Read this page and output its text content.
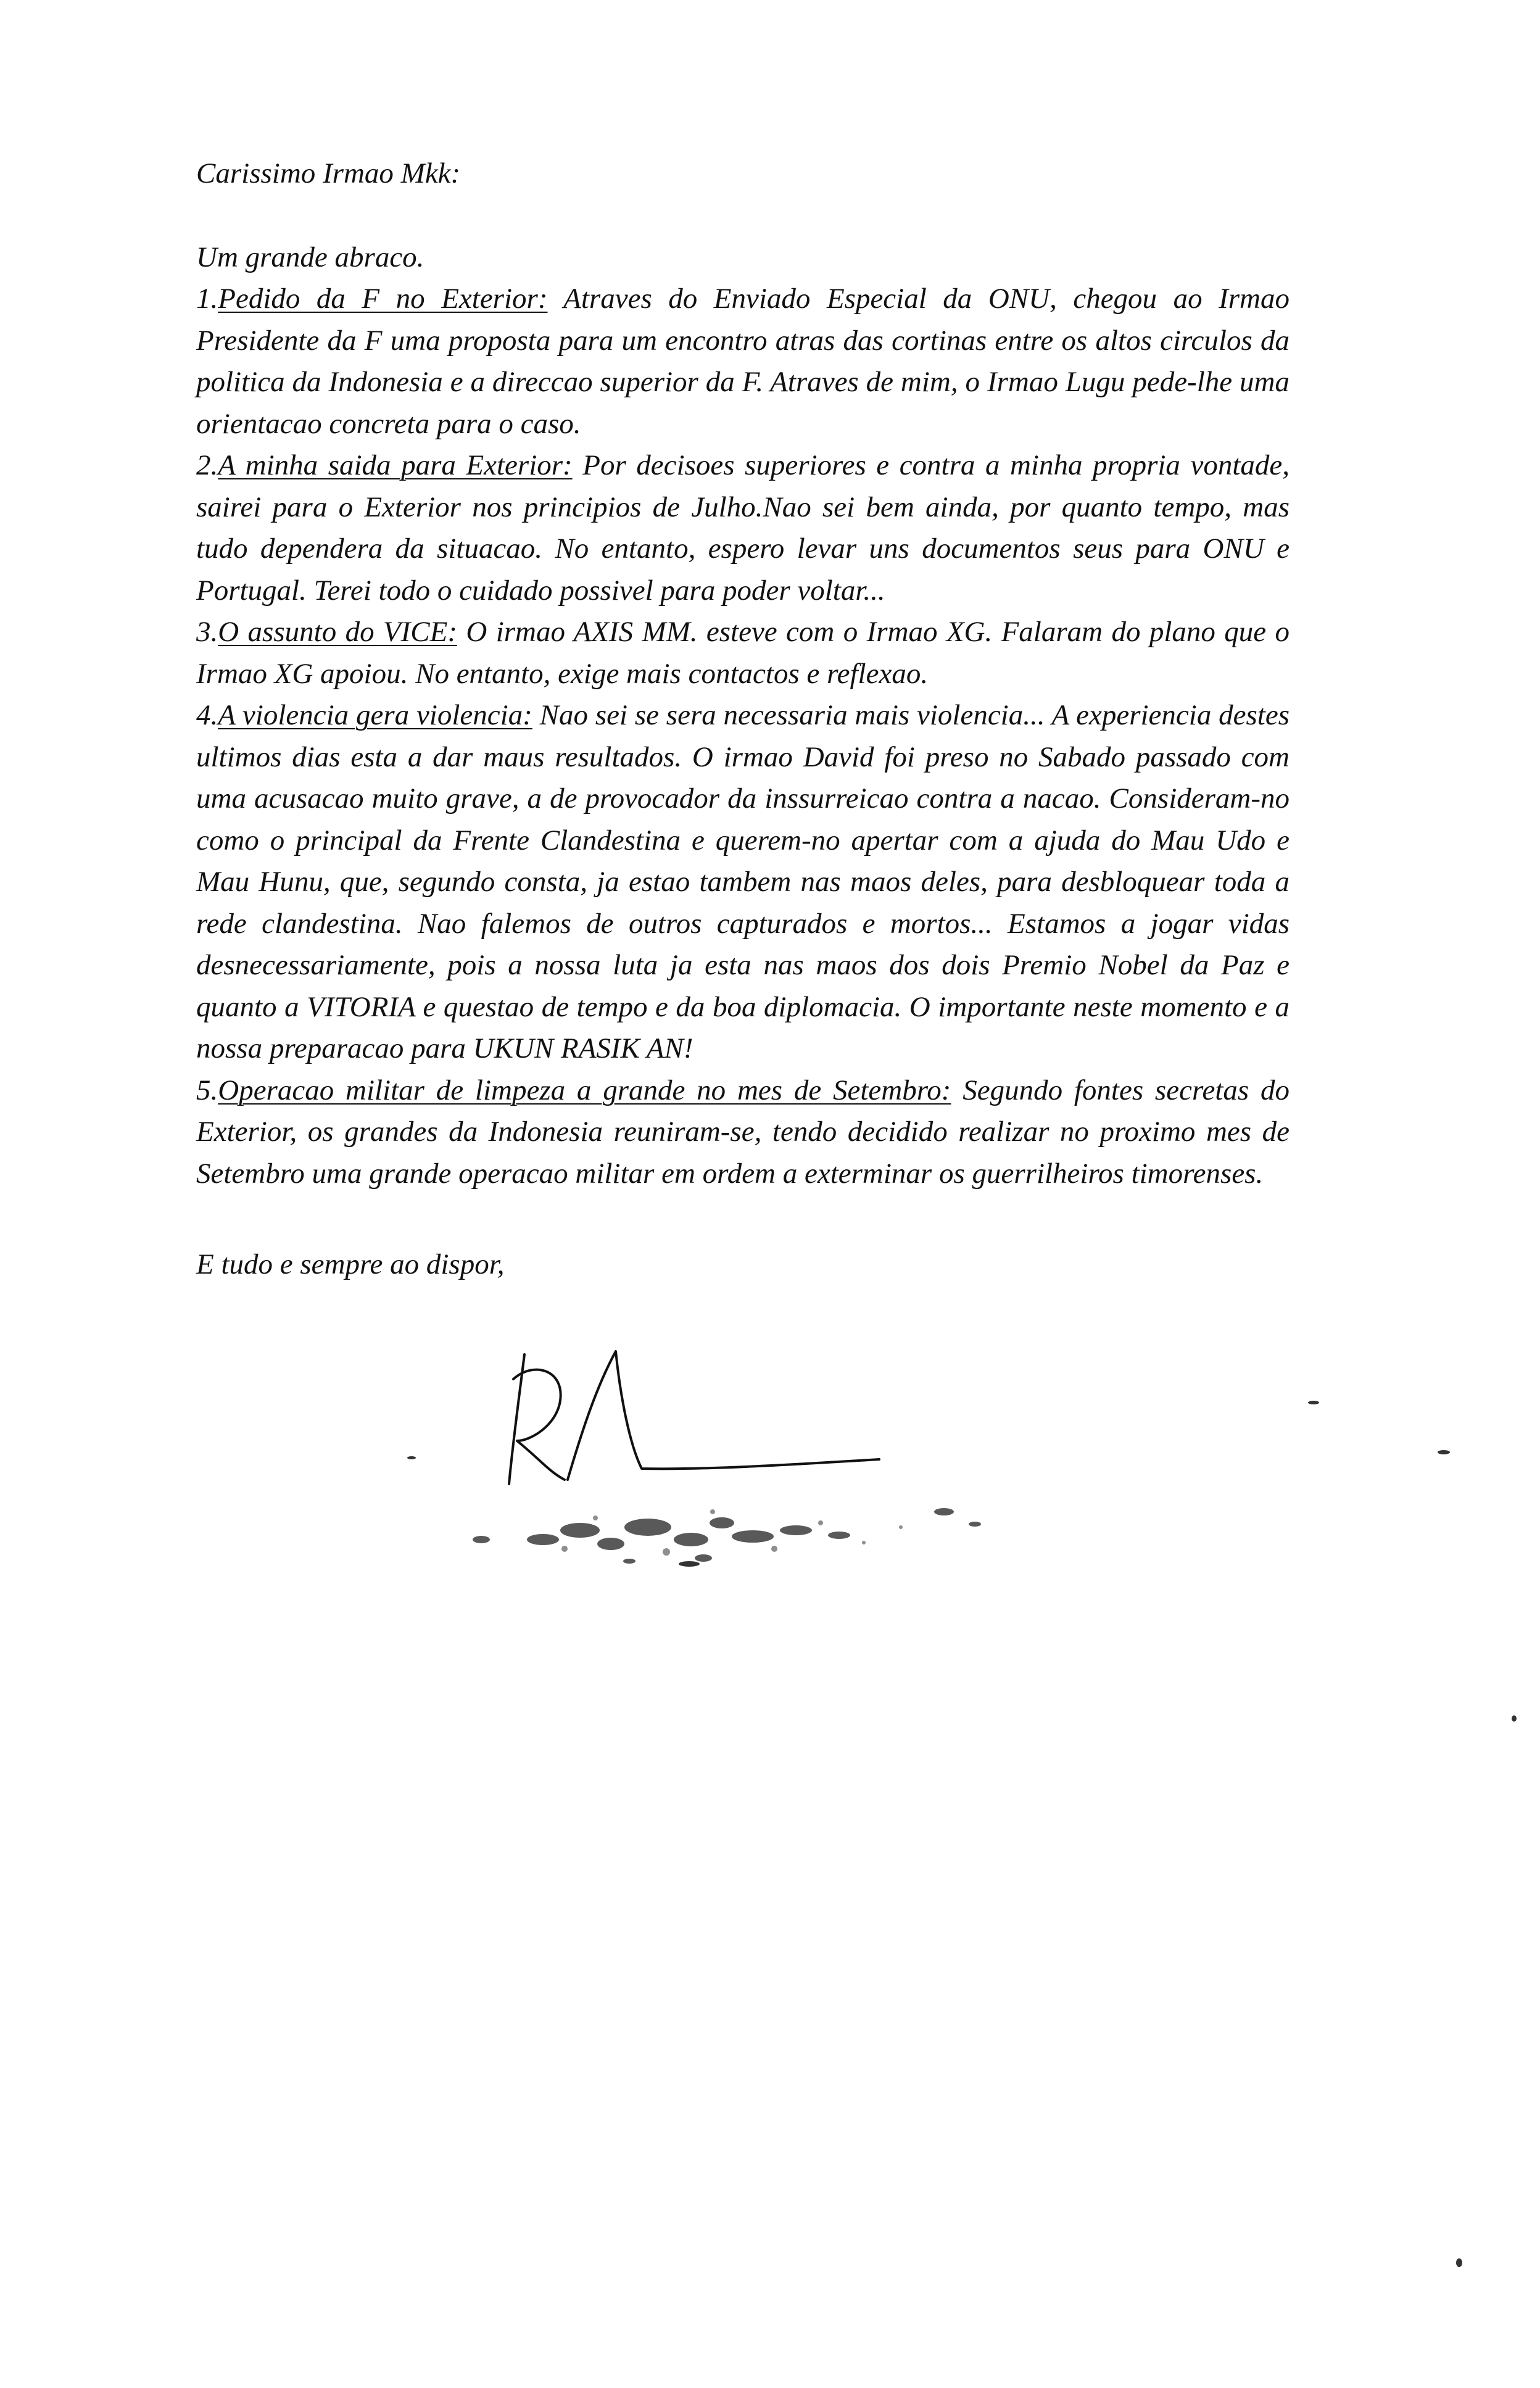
Carissimo Irmao Mkk:

Um grande abraco.

1.Pedido da F no Exterior: Atraves do Enviado Especial da ONU, chegou ao Irmao Presidente da F uma proposta para um encontro atras das cortinas entre os altos circulos da politica da Indonesia e a direccao superior da F. Atraves de mim, o Irmao Lugu pede-lhe uma orientacao concreta para o caso.

2.A minha saida para Exterior: Por decisoes superiores e contra a minha propria vontade, sairei para o Exterior nos principios de Julho.Nao sei bem ainda, por quanto tempo, mas tudo dependera da situacao. No entanto, espero levar uns documentos seus para ONU e Portugal. Terei todo o cuidado possivel para poder voltar...

3.O assunto do VICE: O irmao AXIS MM. esteve com o Irmao XG. Falaram do plano que o Irmao XG apoiou. No entanto, exige mais contactos e reflexao.

4.A violencia gera violencia: Nao sei se sera necessaria mais violencia... A experiencia destes ultimos dias esta a dar maus resultados. O irmao David foi preso no Sabado passado com uma acusacao muito grave, a de provocador da inssurreicao contra a nacao. Consideram-no como o principal da Frente Clandestina e querem-no apertar com a ajuda do Mau Udo e Mau Hunu, que, segundo consta, ja estao tambem nas maos deles, para desbloquear toda a rede clandestina. Nao falemos de outros capturados e mortos... Estamos a jogar vidas desnecessariamente, pois a nossa luta ja esta nas maos dos dois Premio Nobel da Paz e quanto a VITORIA e questao de tempo e da boa diplomacia. O importante neste momento e a nossa preparacao para UKUN RASIK AN!

5.Operacao militar de limpeza a grande no mes de Setembro: Segundo fontes secretas do Exterior, os grandes da Indonesia reuniram-se, tendo decidido realizar no proximo mes de Setembro uma grande operacao militar em ordem a exterminar os guerrilheiros timorenses.

E tudo e sempre ao dispor,
